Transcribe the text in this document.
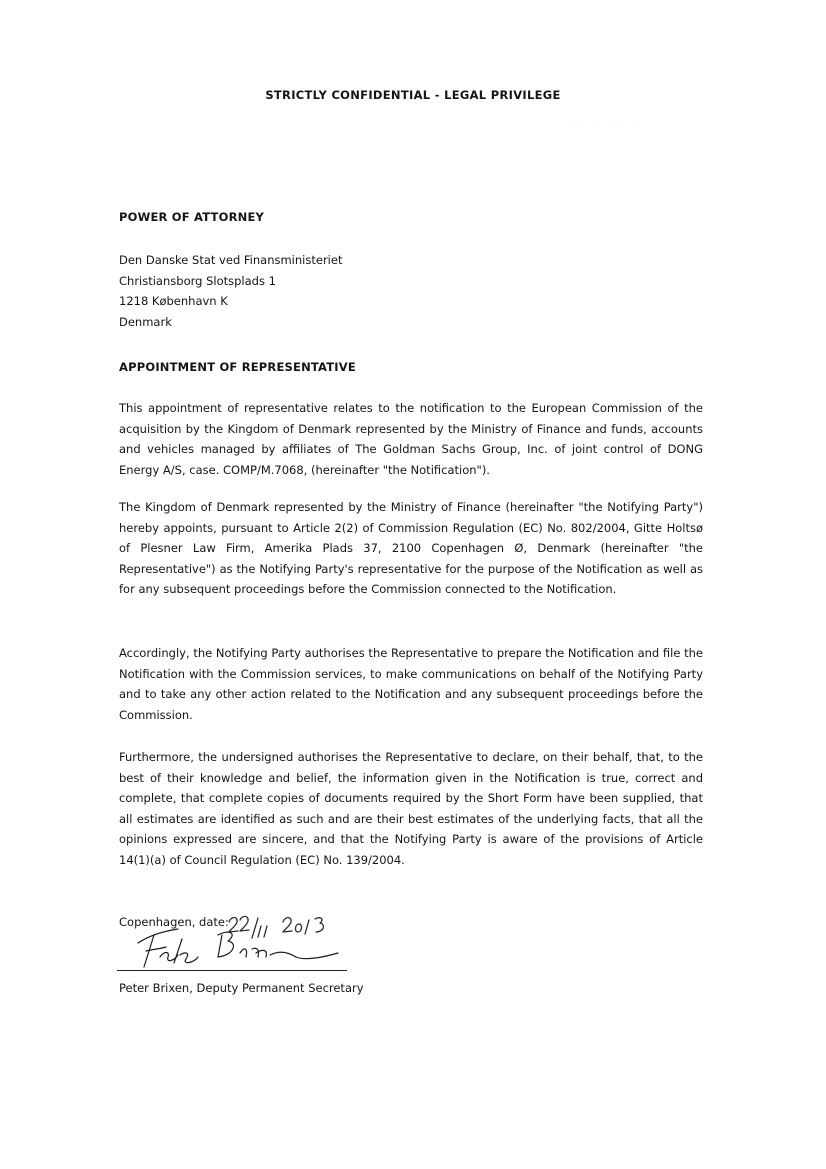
STRICTLY CONFIDENTIAL - LEGAL PRIVILEGE
· . · · . ·
POWER OF ATTORNEY
Den Danske Stat ved Finansministeriet
Christiansborg Slotsplads 1
1218 København K
Denmark
APPOINTMENT OF REPRESENTATIVE
This appointment of representative relates to the notification to the European Commission of the acquisition by the Kingdom of Denmark represented by the Ministry of Finance and funds, accounts and vehicles managed by affiliates of The Goldman Sachs Group, Inc. of joint control of DONG Energy A/S, case. COMP/M.7068, (hereinafter "the Notification").
The Kingdom of Denmark represented by the Ministry of Finance (hereinafter "the Notifying Party") hereby appoints, pursuant to Article 2(2) of Commission Regulation (EC) No. 802/2004, Gitte Holtsø of Plesner Law Firm, Amerika Plads 37, 2100 Copenhagen Ø, Denmark (hereinafter "the Representative") as the Notifying Party's representative for the purpose of the Notification as well as for any subsequent proceedings before the Commission connected to the Notification.
Accordingly, the Notifying Party authorises the Representative to prepare the Notification and file the Notification with the Commission services, to make communications on behalf of the Notifying Party and to take any other action related to the Notification and any subsequent proceedings before the Commission.
Furthermore, the undersigned authorises the Representative to declare, on their behalf, that, to the best of their knowledge and belief, the information given in the Notification is true, correct and complete, that complete copies of documents required by the Short Form have been supplied, that all estimates are identified as such and are their best estimates of the underlying facts, that all the opinions expressed are sincere, and that the Notifying Party is aware of the provisions of Article 14(1)(a) of Council Regulation (EC) No. 139/2004.
Copenhagen, date:
Peter Brixen, Deputy Permanent Secretary
